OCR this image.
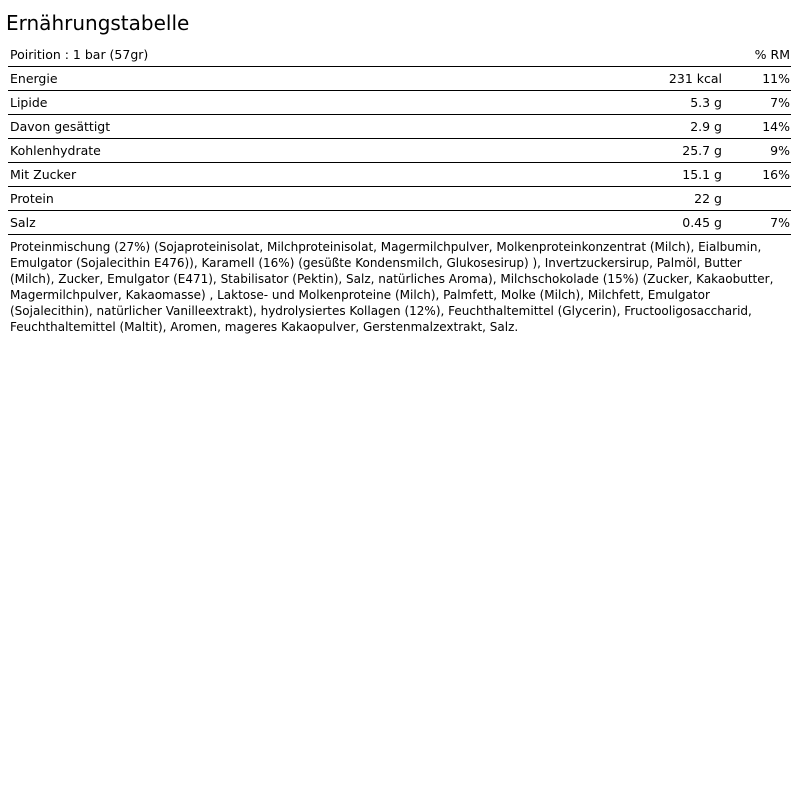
Ernährungstabelle
Poirition : 1 bar (57gr)	% RM
Energie	231 kcal	11%
Lipide	5.3 g	7%
Davon gesättigt	2.9 g	14%
Kohlenhydrate	25.7 g	9%
Mit Zucker	15.1 g	16%
Protein	22 g
Salz	0.45 g	7%

Proteinmischung (27%) (Sojaproteinisolat, Milchproteinisolat, Magermilchpulver, Molkenproteinkonzentrat (Milch), Eialbumin, Emulgator (Sojalecithin E476)), Karamell (16%) (gesüßte Kondensmilch, Glukosesirup) ), Invertzuckersirup, Palmöl, Butter (Milch), Zucker, Emulgator (E471), Stabilisator (Pektin), Salz, natürliches Aroma), Milchschokolade (15%) (Zucker, Kakaobutter, Magermilchpulver, Kakaomasse) , Laktose- und Molkenproteine (Milch), Palmfett, Molke (Milch), Milchfett, Emulgator (Sojalecithin), natürlicher Vanilleextrakt), hydrolysiertes Kollagen (12%), Feuchthaltemittel (Glycerin), Fructooligosaccharid, Feuchthaltemittel (Maltit), Aromen, mageres Kakaopulver, Gerstenmalzextrakt, Salz.
